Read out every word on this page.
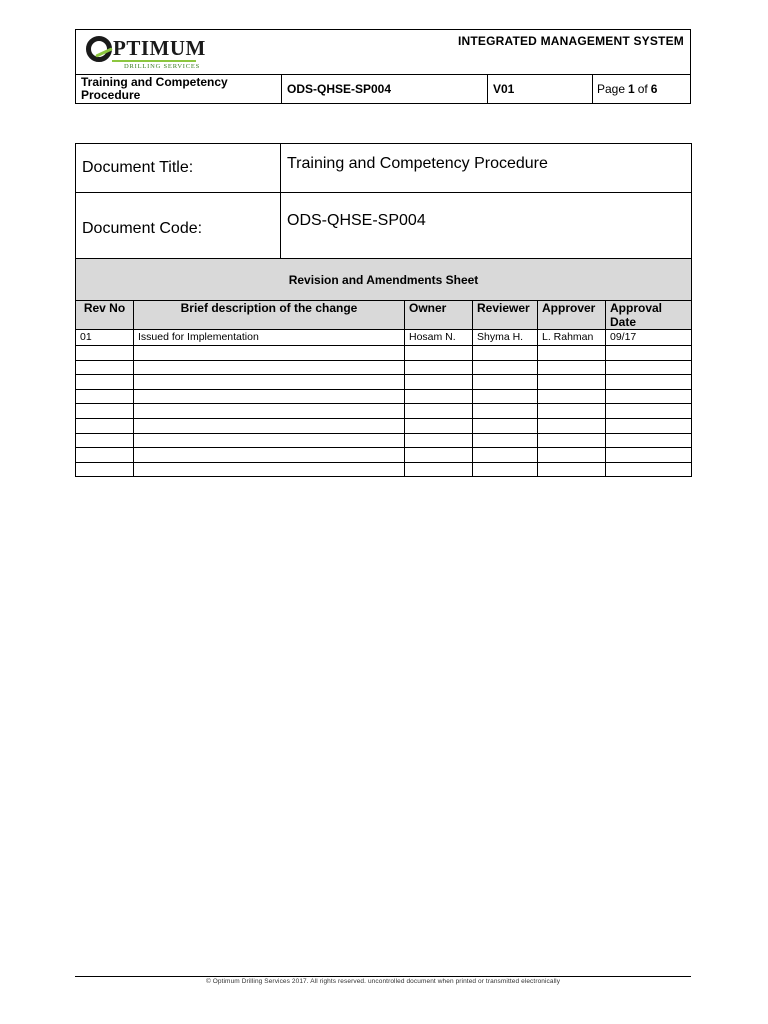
PTIMUM
DRILLING SERVICES
INTEGRATED MANAGEMENT SYSTEM
Training and Competency Procedure	ODS-QHSE-SP004	V01	Page 1 of 6
Document Title:		Training and Competency Procedure				
Document Code:		ODS-QHSE-SP004				
Revision and Amendments Sheet						
Rev No	Brief description of the change		Owner	Reviewer	Approver	Approval Date
01	Issued for Implementation		Hosam N.	Shyma H.	L. Rahman	09/17

© Optimum Drilling Services 2017. All rights reserved. uncontrolled document when printed or transmitted electronically
